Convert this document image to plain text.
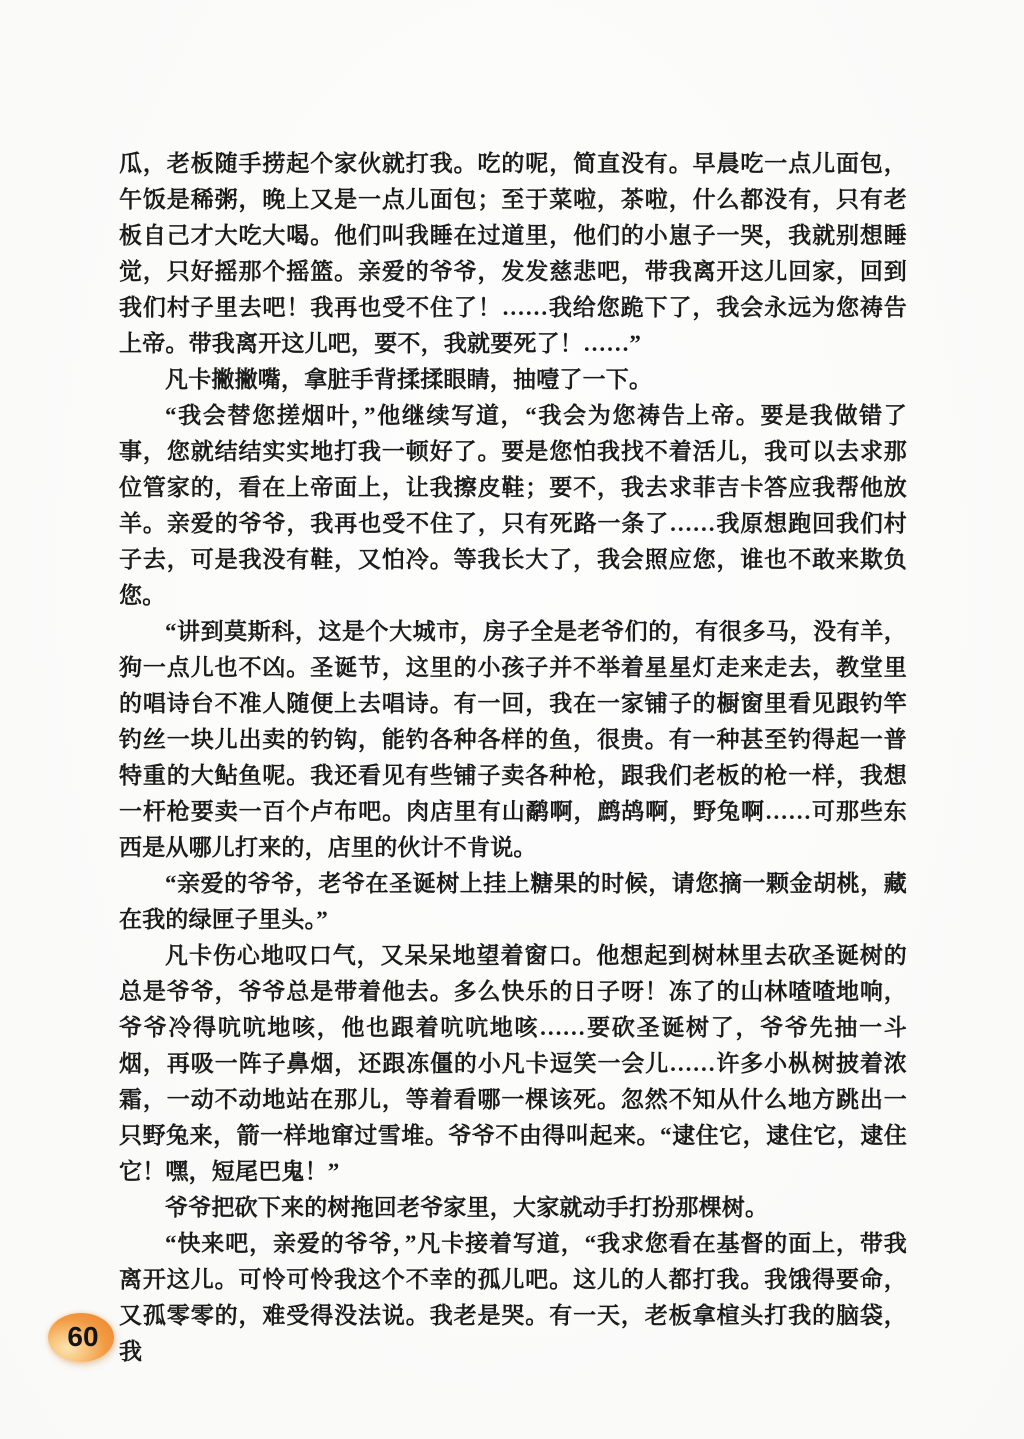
瓜，老板随手捞起个家伙就打我。吃的呢，简直没有。早晨吃一点儿面包，午饭是稀粥，晚上又是一点儿面包；至于菜啦，茶啦，什么都没有，只有老板自己才大吃大喝。他们叫我睡在过道里，他们的小崽子一哭，我就别想睡觉，只好摇那个摇篮。亲爱的爷爷，发发慈悲吧，带我离开这儿回家，回到我们村子里去吧！我再也受不住了！……我给您跪下了，我会永远为您祷告上帝。带我离开这儿吧，要不，我就要死了！……”

凡卡撇撇嘴，拿脏手背揉揉眼睛，抽噎了一下。

“我会替您搓烟叶，”他继续写道，“我会为您祷告上帝。要是我做错了事，您就结结实实地打我一顿好了。要是您怕我找不着活儿，我可以去求那位管家的，看在上帝面上，让我擦皮鞋；要不，我去求菲吉卡答应我帮他放羊。亲爱的爷爷，我再也受不住了，只有死路一条了……我原想跑回我们村子去，可是我没有鞋，又怕冷。等我长大了，我会照应您，谁也不敢来欺负您。

“讲到莫斯科，这是个大城市，房子全是老爷们的，有很多马，没有羊，狗一点儿也不凶。圣诞节，这里的小孩子并不举着星星灯走来走去，教堂里的唱诗台不准人随便上去唱诗。有一回，我在一家铺子的橱窗里看见跟钓竿钓丝一块儿出卖的钓钩，能钓各种各样的鱼，很贵。有一种甚至钓得起一普特重的大鲇鱼呢。我还看见有些铺子卖各种枪，跟我们老板的枪一样，我想一杆枪要卖一百个卢布吧。肉店里有山鹬啊，鹧鸪啊，野兔啊……可那些东西是从哪儿打来的，店里的伙计不肯说。

“亲爱的爷爷，老爷在圣诞树上挂上糖果的时候，请您摘一颗金胡桃，藏在我的绿匣子里头。”

凡卡伤心地叹口气，又呆呆地望着窗口。他想起到树林里去砍圣诞树的总是爷爷，爷爷总是带着他去。多么快乐的日子呀！冻了的山林喳喳地响，爷爷冷得吭吭地咳，他也跟着吭吭地咳……要砍圣诞树了，爷爷先抽一斗烟，再吸一阵子鼻烟，还跟冻僵的小凡卡逗笑一会儿……许多小枞树披着浓霜，一动不动地站在那儿，等着看哪一棵该死。忽然不知从什么地方跳出一只野兔来，箭一样地窜过雪堆。爷爷不由得叫起来。“逮住它，逮住它，逮住它！嘿，短尾巴鬼！”

爷爷把砍下来的树拖回老爷家里，大家就动手打扮那棵树。

“快来吧，亲爱的爷爷，”凡卡接着写道，“我求您看在基督的面上，带我离开这儿。可怜可怜我这个不幸的孤儿吧。这儿的人都打我。我饿得要命，又孤零零的，难受得没法说。我老是哭。有一天，老板拿楦头打我的脑袋，我

60
